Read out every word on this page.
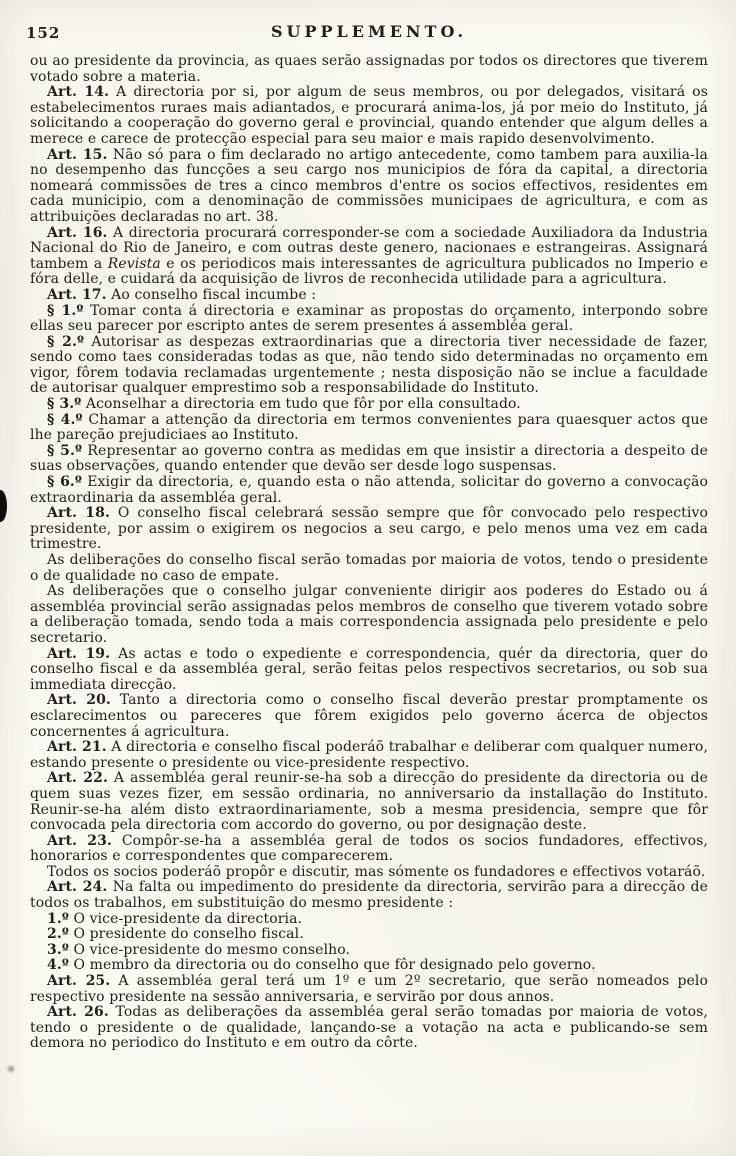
152	SUPPLEMENTO.

ou ao presidente da provincia, as quaes serão assignadas por todos os directores que tiverem votado sobre a materia.

Art. 14. A directoria por si, por algum de seus membros, ou por delegados, visitará os estabelecimentos ruraes mais adiantados, e procurará anima-los, já por meio do Instituto, já solicitando a cooperação do governo geral e provincial, quando entender que algum delles a merece e carece de protecção especial para seu maior e mais rapido desenvolvimento.

Art. 15. Não só para o fim declarado no artigo antecedente, como tambem para auxilia-la no desempenho das funcções a seu cargo nos municipios de fóra da capital, a directoria nomeará commissões de tres a cinco membros d'entre os socios effectivos, residentes em cada municipio, com a denominação de commissões municipaes de agricultura, e com as attribuições declaradas no art. 38.

Art. 16. A directoria procurará corresponder-se com a sociedade Auxiliadora da Industria Nacional do Rio de Janeiro, e com outras deste genero, nacionaes e estrangeiras. Assignará tambem a Revista e os periodicos mais interessantes de agricultura publicados no Imperio e fóra delle, e cuidará da acquisição de livros de reconhecida utilidade para a agricultura.

Art. 17. Ao conselho fiscal incumbe :

§ 1.º Tomar conta á directoria e examinar as propostas do orçamento, interpondo sobre ellas seu parecer por escripto antes de serem presentes á assembléa geral.

§ 2.º Autorisar as despezas extraordinarias que a directoria tiver necessidade de fazer, sendo como taes consideradas todas as que, não tendo sido determinadas no orçamento em vigor, fôrem todavia reclamadas urgentemente ; nesta disposição não se inclue a faculdade de autorisar qualquer emprestimo sob a responsabilidade do Instituto.

§ 3.º Aconselhar a directoria em tudo que fôr por ella consultado.

§ 4.º Chamar a attenção da directoria em termos convenientes para quaesquer actos que lhe pareção prejudiciaes ao Instituto.

§ 5.º Representar ao governo contra as medidas em que insistir a directoria a despeito de suas observações, quando entender que devão ser desde logo suspensas.

§ 6.º Exigir da directoria, e, quando esta o não attenda, solicitar do governo a convocação extraordinaria da assembléa geral.

Art. 18. O conselho fiscal celebrará sessão sempre que fôr convocado pelo respectivo presidente, por assim o exigirem os negocios a seu cargo, e pelo menos uma vez em cada trimestre.

As deliberações do conselho fiscal serão tomadas por maioria de votos, tendo o presidente o de qualidade no caso de empate.

As deliberações que o conselho julgar conveniente dirigir aos poderes do Estado ou á assembléa provincial serão assignadas pelos membros de conselho que tiverem votado sobre a deliberação tomada, sendo toda a mais correspondencia assignada pelo presidente e pelo secretario.

Art. 19. As actas e todo o expediente e correspondencia, quér da directoria, quer do conselho fiscal e da assembléa geral, serão feitas pelos respectivos secretarios, ou sob sua immediata direcção.

Art. 20. Tanto a directoria como o conselho fiscal deverão prestar promptamente os esclarecimentos ou pareceres que fôrem exigidos pelo governo ácerca de objectos concernentes á agricultura.

Art. 21. A directoria e conselho fiscal poderáõ trabalhar e deliberar com qualquer numero, estando presente o presidente ou vice-presidente respectivo.

Art. 22. A assembléa geral reunir-se-ha sob a direcção do presidente da directoria ou de quem suas vezes fizer, em sessão ordinaria, no anniversario da installação do Instituto. Reunir-se-ha além disto extraordinariamente, sob a mesma presidencia, sempre que fôr convocada pela directoria com accordo do governo, ou por designação deste.

Art. 23. Compôr-se-ha a assembléa geral de todos os socios fundadores, effectivos, honorarios e correspondentes que comparecerem.

Todos os socios poderáõ propôr e discutir, mas sómente os fundadores e effectivos votaráõ.

Art. 24. Na falta ou impedimento do presidente da directoria, servirão para a direcção de todos os trabalhos, em substituição do mesmo presidente :

1.º O vice-presidente da directoria.

2.º O presidente do conselho fiscal.

3.º O vice-presidente do mesmo conselho.

4.º O membro da directoria ou do conselho que fôr designado pelo governo.

Art. 25. A assembléa geral terá um 1º e um 2º secretario, que serão nomeados pelo respectivo presidente na sessão anniversaria, e servirão por dous annos.

Art. 26. Todas as deliberações da assembléa geral serão tomadas por maioria de votos, tendo o presidente o de qualidade, lançando-se a votação na acta e publicando-se sem demora no periodico do Instituto e em outro da côrte.
